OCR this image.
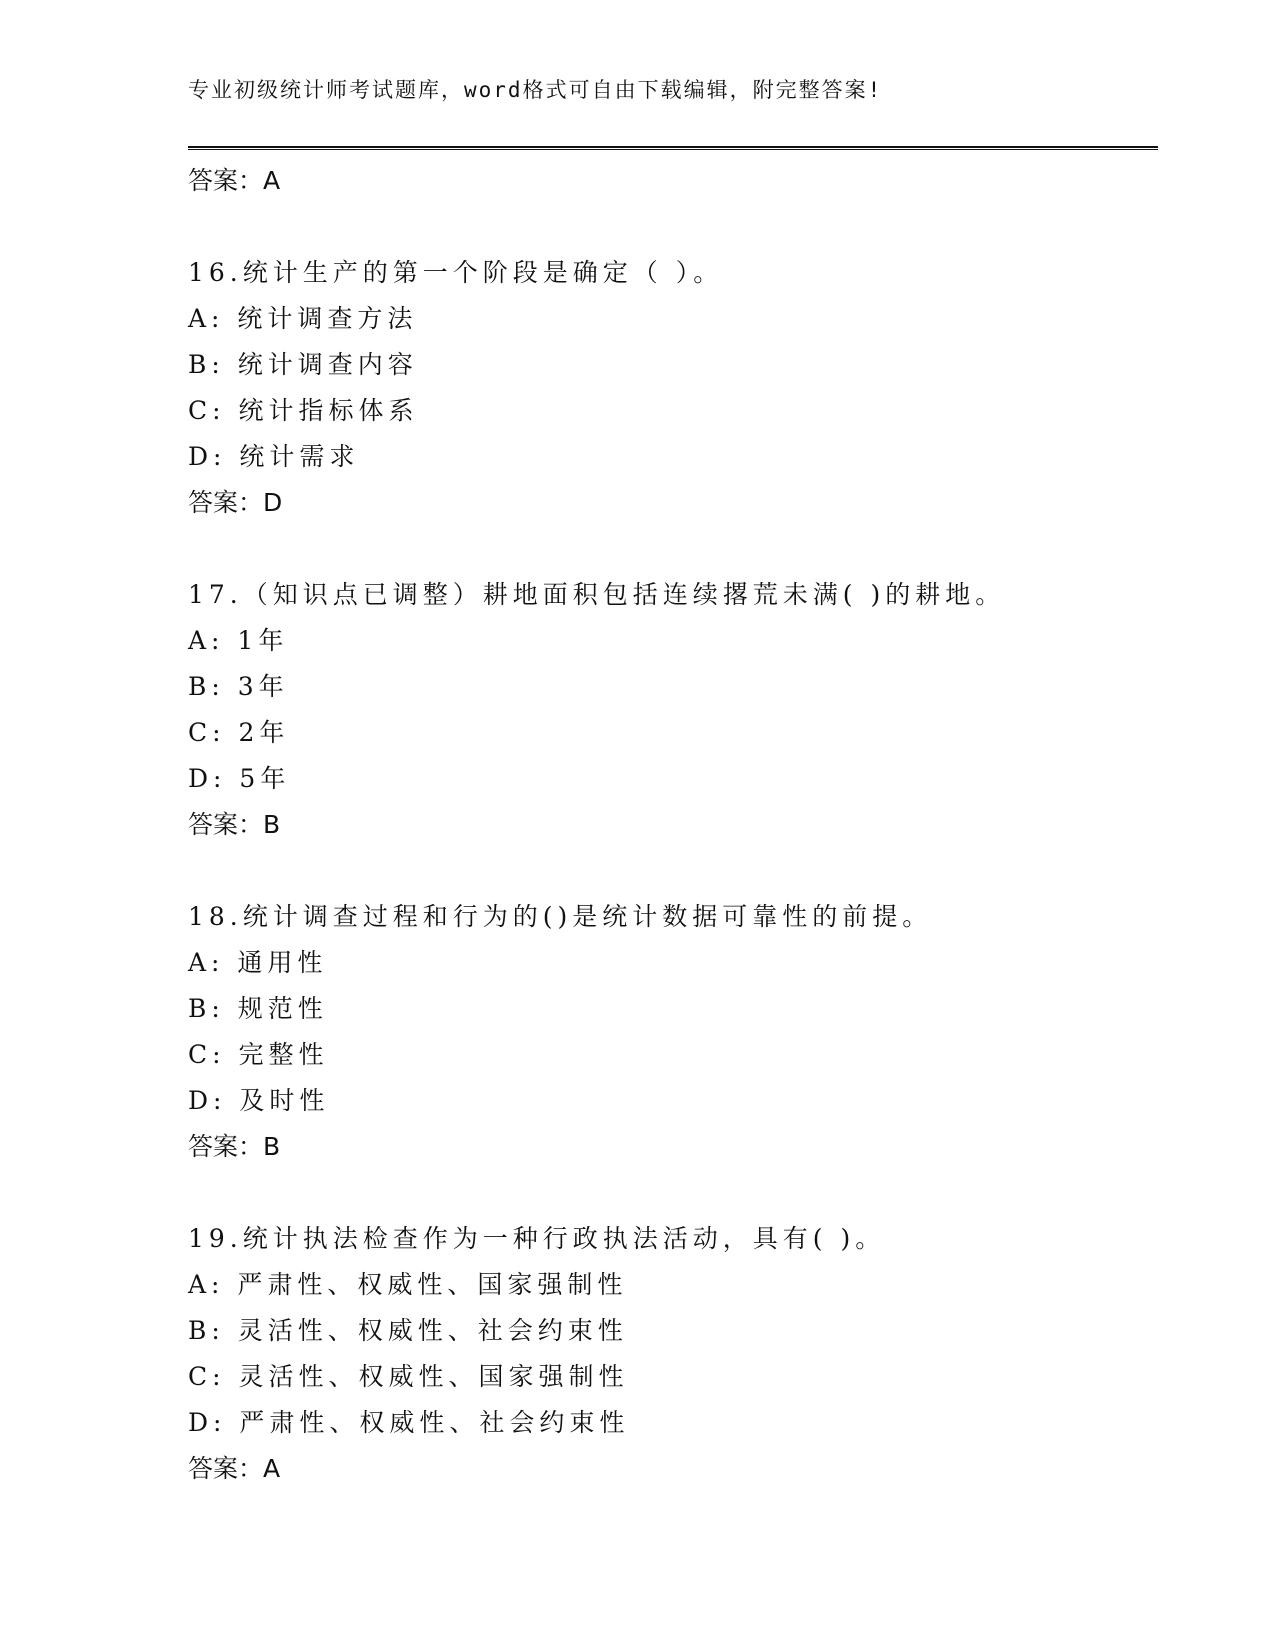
专业初级统计师考试题库，word格式可自由下载编辑，附完整答案!
答案：A
16.统计生产的第一个阶段是确定（ ）。
A: 统计调查方法
B: 统计调查内容
C: 统计指标体系
D: 统计需求
答案：D
17.（知识点已调整）耕地面积包括连续撂荒未满( )的耕地。
A: 1年
B: 3年
C: 2年
D: 5年
答案：B
18.统计调查过程和行为的()是统计数据可靠性的前提。
A: 通用性
B: 规范性
C: 完整性
D: 及时性
答案：B
19.统计执法检查作为一种行政执法活动，具有( )。
A: 严肃性、权威性、国家强制性
B: 灵活性、权威性、社会约束性
C: 灵活性、权威性、国家强制性
D: 严肃性、权威性、社会约束性
答案：A
